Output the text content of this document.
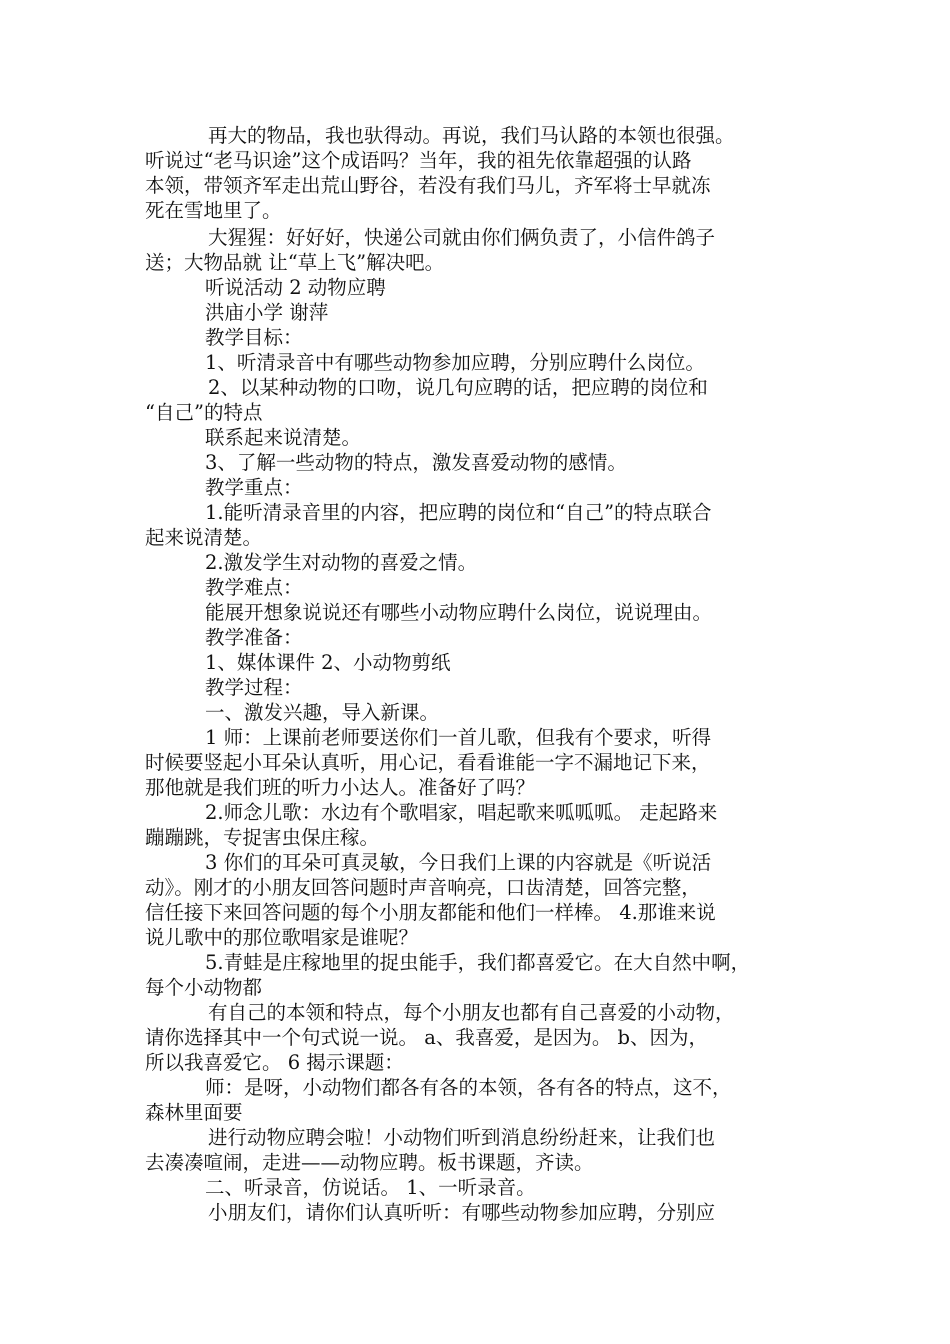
再大的物品，我也驮得动。再说，我们马认路的本领也很强。
听说过“老马识途”这个成语吗？当年，我的祖先依靠超强的认路
本领，带领齐军走出荒山野谷，若没有我们马儿，齐军将士早就冻
死在雪地里了。
大猩猩：好好好，快递公司就由你们俩负责了，小信件鸽子
送；大物品就 让“草上飞”解决吧。
听说活动 2 动物应聘
洪庙小学 谢萍
教学目标：
1、听清录音中有哪些动物参加应聘，分别应聘什么岗位。
2、以某种动物的口吻，说几句应聘的话，把应聘的岗位和
“自己”的特点
联系起来说清楚。
3、了解一些动物的特点，激发喜爱动物的感情。
教学重点：
1.能听清录音里的内容，把应聘的岗位和“自己”的特点联合
起来说清楚。
2.激发学生对动物的喜爱之情。
教学难点：
能展开想象说说还有哪些小动物应聘什么岗位，说说理由。
教学准备：
1、媒体课件 2、小动物剪纸
教学过程：
一、激发兴趣，导入新课。
1 师：上课前老师要送你们一首儿歌，但我有个要求，听得
时候要竖起小耳朵认真听，用心记，看看谁能一字不漏地记下来，
那他就是我们班的听力小达人。准备好了吗？
2.师念儿歌：水边有个歌唱家，唱起歌来呱呱呱。 走起路来
蹦蹦跳，专捉害虫保庄稼。
3 你们的耳朵可真灵敏，今日我们上课的内容就是《听说活
动》。刚才的小朋友回答问题时声音响亮，口齿清楚，回答完整，
信任接下来回答问题的每个小朋友都能和他们一样棒。 4.那谁来说
说儿歌中的那位歌唱家是谁呢？
5.青蛙是庄稼地里的捉虫能手，我们都喜爱它。在大自然中啊，
每个小动物都
有自己的本领和特点，每个小朋友也都有自己喜爱的小动物，
请你选择其中一个句式说一说。 a、我喜爱，是因为。 b、因为，
所以我喜爱它。 6 揭示课题：
师：是呀，小动物们都各有各的本领，各有各的特点，这不，
森林里面要
进行动物应聘会啦！小动物们听到消息纷纷赶来，让我们也
去凑凑喧闹，走进——动物应聘。板书课题，齐读。
二、听录音，仿说话。 1、一听录音。
小朋友们，请你们认真听听：有哪些动物参加应聘，分别应
